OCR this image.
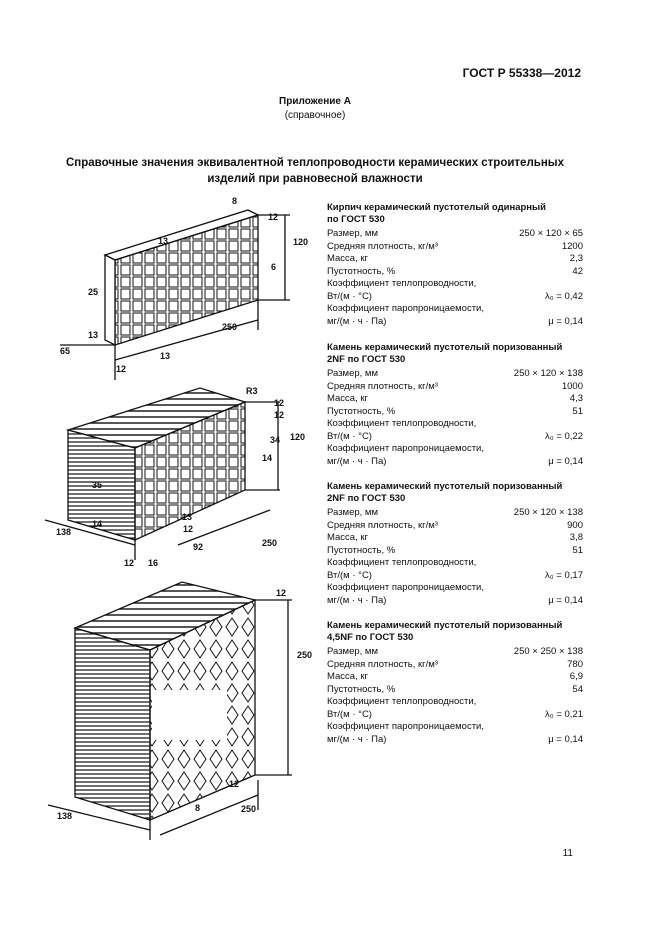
ГОСТ Р 55338—2012
Приложение А
(справочное)
Справочные значения эквивалентной теплопроводности керамических строительных
изделий при равновесной влажности
8
12
120
13
6
25
13
250
65	13
12
R3
12
12
34 120
14
35
138
14
12 16
12
92	250
13
12
250
12
8	250
138
Кирпич керамический пустотелый одинарный
по ГОСТ 530
Размер, мм	250 × 120 × 65
Средняя плотность, кг/м³	1200
Масса, кг	2,3
Пустотность, %	42
Коэффициент теплопроводности,
Вт/(м · °С)	λ₀ = 0,42
Коэффициент паропроницаемости,
мг/(м · ч · Па)	μ = 0,14
Камень керамический пустотелый поризованный
2NF по ГОСТ 530
Размер, мм	250 × 120 × 138
Средняя плотность, кг/м³	1000
Масса, кг	4,3
Пустотность, %	51
Коэффициент теплопроводности,
Вт/(м · °С)	λ₀ = 0,22
Коэффициент паропроницаемости,
мг/(м · ч · Па)	μ = 0,14
Камень керамический пустотелый поризованный
2NF по ГОСТ 530
Размер, мм	250 × 120 × 138
Средняя плотность, кг/м³	900
Масса, кг	3,8
Пустотность, %	51
Коэффициент теплопроводности,
Вт/(м · °С)	λ₀ = 0,17
Коэффициент паропроницаемости,
мг/(м · ч · Па)	μ = 0,14
Камень керамический пустотелый поризованный
4,5NF по ГОСТ 530
Размер, мм	250 × 250 × 138
Средняя плотность, кг/м³	780
Масса, кг	6,9
Пустотность, %	54
Коэффициент теплопроводности,
Вт/(м · °С)	λ₀ = 0,21
Коэффициент паропроницаемости,
мг/(м · ч · Па)	μ = 0,14
11
